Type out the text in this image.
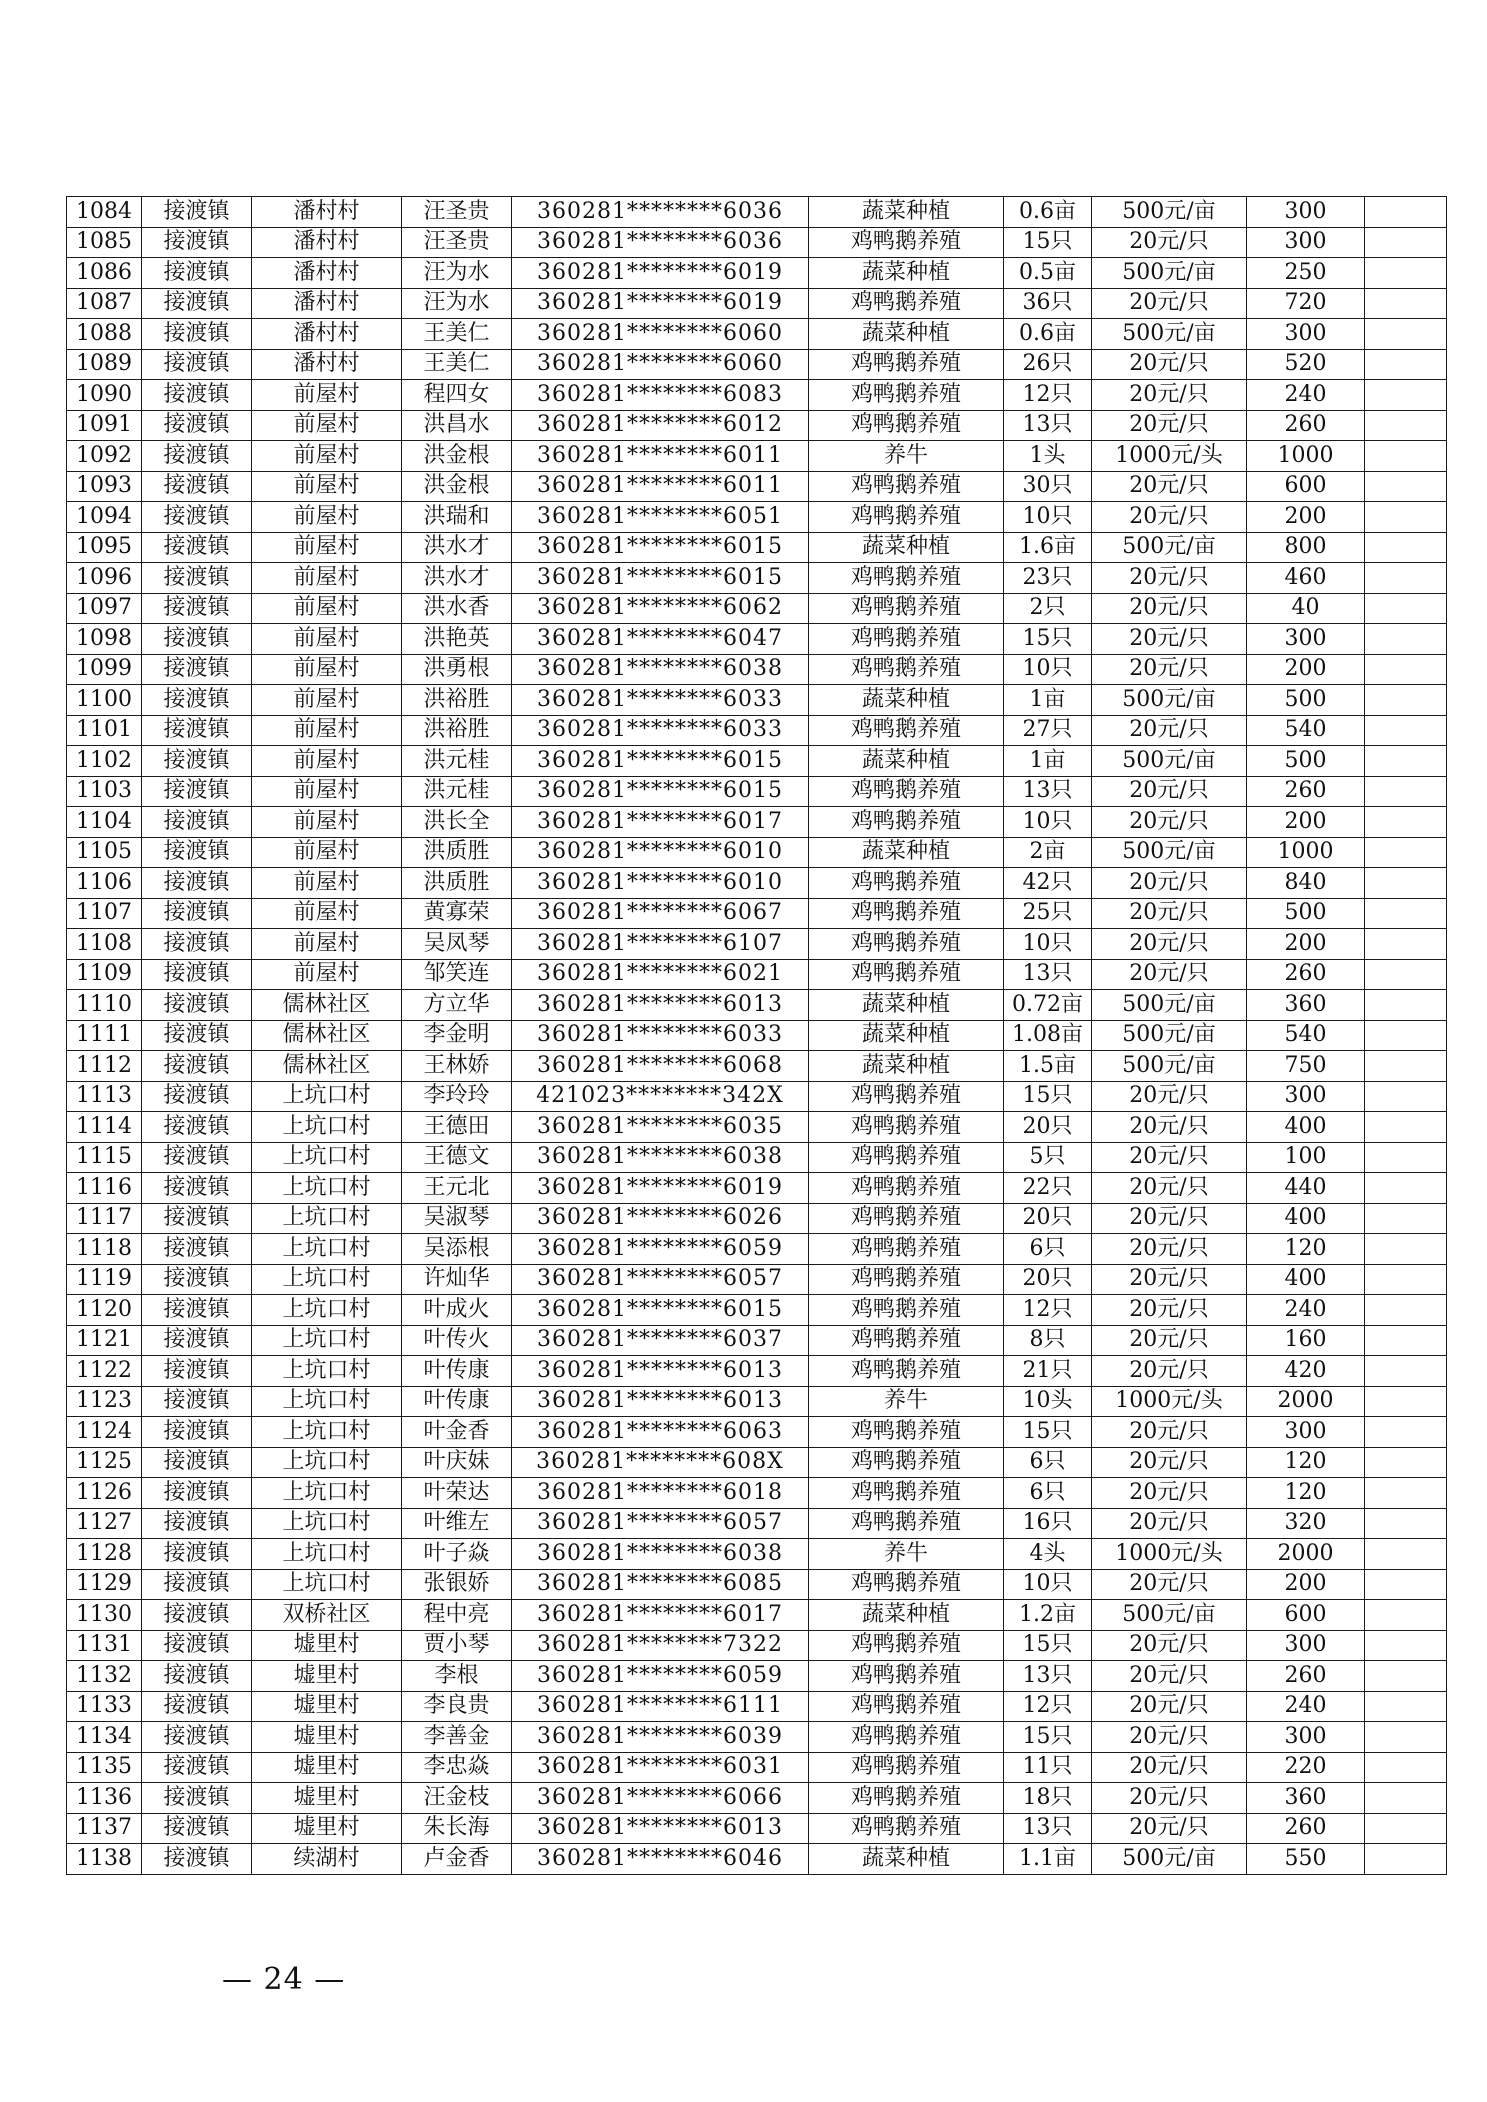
1084	接渡镇	潘村村	汪圣贵	360281********6036	蔬菜种植	0.6亩	500元/亩	300	
1085	接渡镇	潘村村	汪圣贵	360281********6036	鸡鸭鹅养殖	15只	20元/只	300	
1086	接渡镇	潘村村	汪为水	360281********6019	蔬菜种植	0.5亩	500元/亩	250	
1087	接渡镇	潘村村	汪为水	360281********6019	鸡鸭鹅养殖	36只	20元/只	720	
1088	接渡镇	潘村村	王美仁	360281********6060	蔬菜种植	0.6亩	500元/亩	300	
1089	接渡镇	潘村村	王美仁	360281********6060	鸡鸭鹅养殖	26只	20元/只	520	
1090	接渡镇	前屋村	程四女	360281********6083	鸡鸭鹅养殖	12只	20元/只	240	
1091	接渡镇	前屋村	洪昌水	360281********6012	鸡鸭鹅养殖	13只	20元/只	260	
1092	接渡镇	前屋村	洪金根	360281********6011	养牛	1头	1000元/头	1000	
1093	接渡镇	前屋村	洪金根	360281********6011	鸡鸭鹅养殖	30只	20元/只	600	
1094	接渡镇	前屋村	洪瑞和	360281********6051	鸡鸭鹅养殖	10只	20元/只	200	
1095	接渡镇	前屋村	洪水才	360281********6015	蔬菜种植	1.6亩	500元/亩	800	
1096	接渡镇	前屋村	洪水才	360281********6015	鸡鸭鹅养殖	23只	20元/只	460	
1097	接渡镇	前屋村	洪水香	360281********6062	鸡鸭鹅养殖	2只	20元/只	40	
1098	接渡镇	前屋村	洪艳英	360281********6047	鸡鸭鹅养殖	15只	20元/只	300	
1099	接渡镇	前屋村	洪勇根	360281********6038	鸡鸭鹅养殖	10只	20元/只	200	
1100	接渡镇	前屋村	洪裕胜	360281********6033	蔬菜种植	1亩	500元/亩	500	
1101	接渡镇	前屋村	洪裕胜	360281********6033	鸡鸭鹅养殖	27只	20元/只	540	
1102	接渡镇	前屋村	洪元桂	360281********6015	蔬菜种植	1亩	500元/亩	500	
1103	接渡镇	前屋村	洪元桂	360281********6015	鸡鸭鹅养殖	13只	20元/只	260	
1104	接渡镇	前屋村	洪长全	360281********6017	鸡鸭鹅养殖	10只	20元/只	200	
1105	接渡镇	前屋村	洪质胜	360281********6010	蔬菜种植	2亩	500元/亩	1000	
1106	接渡镇	前屋村	洪质胜	360281********6010	鸡鸭鹅养殖	42只	20元/只	840	
1107	接渡镇	前屋村	黄寡荣	360281********6067	鸡鸭鹅养殖	25只	20元/只	500	
1108	接渡镇	前屋村	吴凤琴	360281********6107	鸡鸭鹅养殖	10只	20元/只	200	
1109	接渡镇	前屋村	邹笑连	360281********6021	鸡鸭鹅养殖	13只	20元/只	260	
1110	接渡镇	儒林社区	方立华	360281********6013	蔬菜种植	0.72亩	500元/亩	360	
1111	接渡镇	儒林社区	李金明	360281********6033	蔬菜种植	1.08亩	500元/亩	540	
1112	接渡镇	儒林社区	王林娇	360281********6068	蔬菜种植	1.5亩	500元/亩	750	
1113	接渡镇	上坑口村	李玲玲	421023********342X	鸡鸭鹅养殖	15只	20元/只	300	
1114	接渡镇	上坑口村	王德田	360281********6035	鸡鸭鹅养殖	20只	20元/只	400	
1115	接渡镇	上坑口村	王德文	360281********6038	鸡鸭鹅养殖	5只	20元/只	100	
1116	接渡镇	上坑口村	王元北	360281********6019	鸡鸭鹅养殖	22只	20元/只	440	
1117	接渡镇	上坑口村	吴淑琴	360281********6026	鸡鸭鹅养殖	20只	20元/只	400	
1118	接渡镇	上坑口村	吴添根	360281********6059	鸡鸭鹅养殖	6只	20元/只	120	
1119	接渡镇	上坑口村	许灿华	360281********6057	鸡鸭鹅养殖	20只	20元/只	400	
1120	接渡镇	上坑口村	叶成火	360281********6015	鸡鸭鹅养殖	12只	20元/只	240	
1121	接渡镇	上坑口村	叶传火	360281********6037	鸡鸭鹅养殖	8只	20元/只	160	
1122	接渡镇	上坑口村	叶传康	360281********6013	鸡鸭鹅养殖	21只	20元/只	420	
1123	接渡镇	上坑口村	叶传康	360281********6013	养牛	10头	1000元/头	2000	
1124	接渡镇	上坑口村	叶金香	360281********6063	鸡鸭鹅养殖	15只	20元/只	300	
1125	接渡镇	上坑口村	叶庆妹	360281********608X	鸡鸭鹅养殖	6只	20元/只	120	
1126	接渡镇	上坑口村	叶荣达	360281********6018	鸡鸭鹅养殖	6只	20元/只	120	
1127	接渡镇	上坑口村	叶维左	360281********6057	鸡鸭鹅养殖	16只	20元/只	320	
1128	接渡镇	上坑口村	叶子焱	360281********6038	养牛	4头	1000元/头	2000	
1129	接渡镇	上坑口村	张银娇	360281********6085	鸡鸭鹅养殖	10只	20元/只	200	
1130	接渡镇	双桥社区	程中亮	360281********6017	蔬菜种植	1.2亩	500元/亩	600	
1131	接渡镇	墟里村	贾小琴	360281********7322	鸡鸭鹅养殖	15只	20元/只	300	
1132	接渡镇	墟里村	李根	360281********6059	鸡鸭鹅养殖	13只	20元/只	260	
1133	接渡镇	墟里村	李良贵	360281********6111	鸡鸭鹅养殖	12只	20元/只	240	
1134	接渡镇	墟里村	李善金	360281********6039	鸡鸭鹅养殖	15只	20元/只	300	
1135	接渡镇	墟里村	李忠焱	360281********6031	鸡鸭鹅养殖	11只	20元/只	220	
1136	接渡镇	墟里村	汪金枝	360281********6066	鸡鸭鹅养殖	18只	20元/只	360	
1137	接渡镇	墟里村	朱长海	360281********6013	鸡鸭鹅养殖	13只	20元/只	260	
1138	接渡镇	续湖村	卢金香	360281********6046	蔬菜种植	1.1亩	500元/亩	550	
— 24 —
